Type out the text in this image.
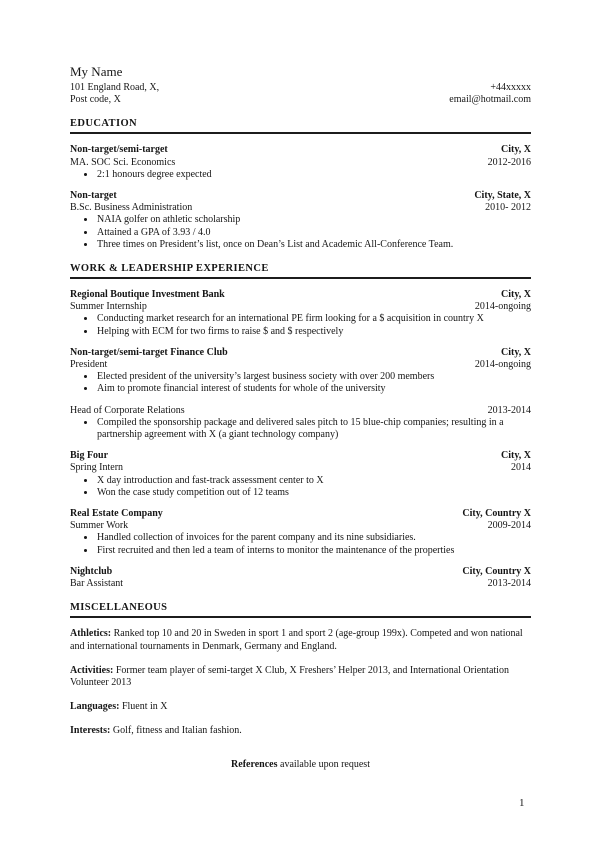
My Name
101 England Road, X,
Post code, X
+44xxxxx
email@hotmail.com
EDUCATION
Non-target/semi-target	City, X
MA. SOC Sci. Economics	2012-2016
• 2:1 honours degree expected
Non-target	City, State, X
B.Sc. Business Administration	2010- 2012
• NAIA golfer on athletic scholarship
• Attained a GPA of 3.93 / 4.0
• Three times on President’s list, once on Dean’s List and Academic All-Conference Team.
WORK & LEADERSHIP EXPERIENCE
Regional Boutique Investment Bank	City, X
Summer Internship	2014-ongoing
• Conducting market research for an international PE firm looking for a $ acquisition in country X
• Helping with ECM for two firms to raise $ and $ respectively
Non-target/semi-target Finance Club	City, X
President	2014-ongoing
• Elected president of the university’s largest business society with over 200 members
• Aim to promote financial interest of students for whole of the university
Head of Corporate Relations	2013-2014
• Compiled the sponsorship package and delivered sales pitch to 15 blue-chip companies; resulting in a partnership agreement with X (a giant technology company)
Big Four	City, X
Spring Intern	2014
• X day introduction and fast-track assessment center to X
• Won the case study competition out of 12 teams
Real Estate Company	City, Country X
Summer Work	2009-2014
• Handled collection of invoices for the parent company and its nine subsidiaries.
• First recruited and then led a team of interns to monitor the maintenance of the properties
Nightclub	City, Country X
Bar Assistant	2013-2014
MISCELLANEOUS

Athletics: Ranked top 10 and 20 in Sweden in sport 1 and sport 2 (age-group 199x). Competed and won national and international tournaments in Denmark, Germany and England.

Activities: Former team player of semi-target X Club, X Freshers’ Helper 2013, and International Orientation Volunteer 2013

Languages: Fluent in X

Interests: Golf, fitness and Italian fashion.

References available upon request

1
